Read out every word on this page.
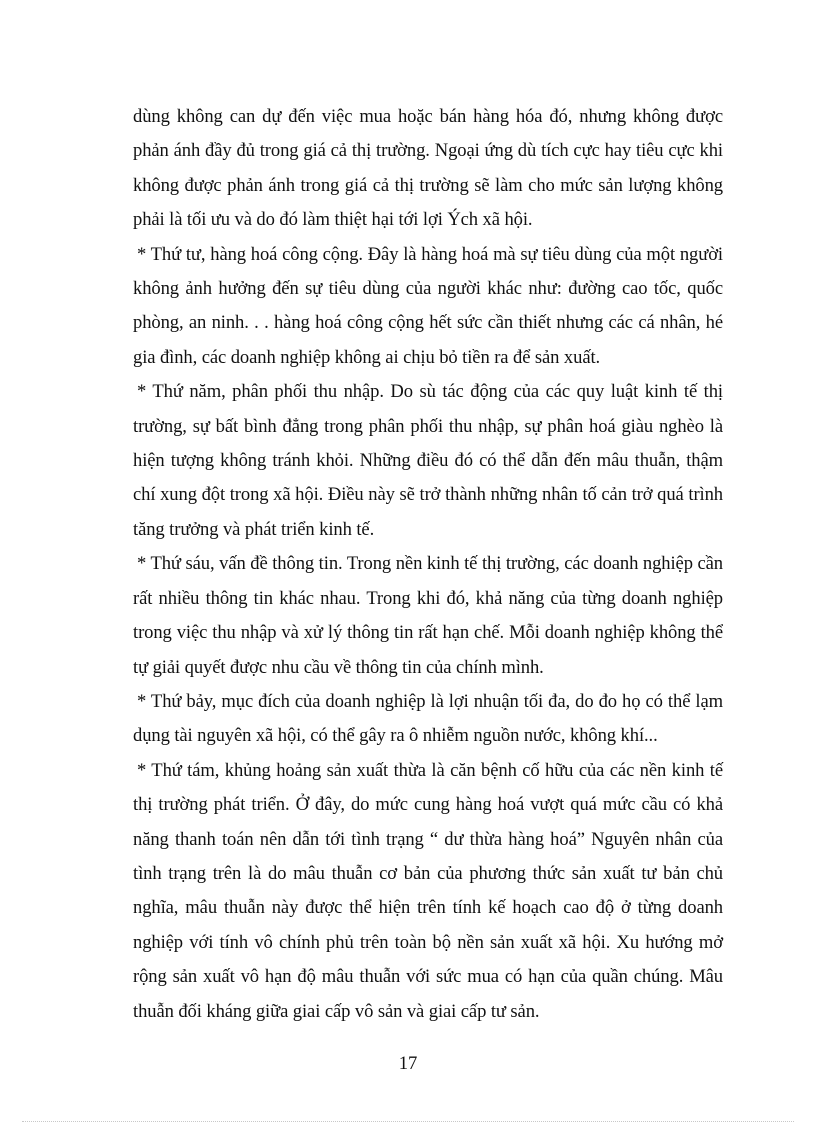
dùng không can dự đến việc mua hoặc bán hàng hóa đó, nhưng không được phản ánh đầy đủ trong giá cả thị trường. Ngoại ứng dù tích cực hay tiêu cực khi không được phản ánh trong giá cả thị trường sẽ làm cho mức sản lượng không phải là tối ưu và do đó làm thiệt hại tới lợi Ých xã hội.

* Thứ tư, hàng hoá công cộng. Đây là hàng hoá mà sự tiêu dùng của một người không ảnh hưởng đến sự tiêu dùng của người khác như: đường cao tốc, quốc phòng, an ninh. . . hàng hoá công cộng hết sức cần thiết nhưng các cá nhân, hé gia đình, các doanh nghiệp không ai chịu bỏ tiền ra để sản xuất.

* Thứ năm, phân phối thu nhập. Do sù tác động của các quy luật kinh tế thị trường, sự bất bình đẳng trong phân phối thu nhập, sự phân hoá giàu nghèo là hiện tượng không tránh khỏi. Những điều đó có thể dẫn đến mâu thuẫn, thậm chí xung đột trong xã hội. Điều này sẽ trở thành những nhân tố cản trở quá trình tăng trưởng và phát triển kinh tế.

* Thứ sáu, vấn đề thông tin. Trong nền kinh tế thị trường, các doanh nghiệp cần rất nhiều thông tin khác nhau. Trong khi đó, khả năng của từng doanh nghiệp trong việc thu nhập và xử lý thông tin rất hạn chế. Mỗi doanh nghiệp không thể tự giải quyết được nhu cầu về thông tin của chính mình.

* Thứ bảy, mục đích của doanh nghiệp là lợi nhuận tối đa, do đo họ có thể lạm dụng tài nguyên xã hội, có thể gây ra ô nhiễm nguồn nước, không khí...

* Thứ tám, khủng hoảng sản xuất thừa là căn bệnh cố hữu của các nền kinh tế thị trường phát triển. Ở đây, do mức cung hàng hoá vượt quá mức cầu có khả năng thanh toán nên dẫn tới tình trạng “ dư thừa hàng hoá” Nguyên nhân của tình trạng trên là do mâu thuẫn cơ bản của phương thức sản xuất tư bản chủ nghĩa, mâu thuẫn này được thể hiện trên tính kế hoạch cao độ ở từng doanh nghiệp với tính vô chính phủ trên toàn bộ nền sản xuất xã hội. Xu hướng mở rộng sản xuất vô hạn độ mâu thuẫn với sức mua có hạn của quần chúng. Mâu thuẫn đối kháng giữa giai cấp vô sản và giai cấp tư sản.

17
